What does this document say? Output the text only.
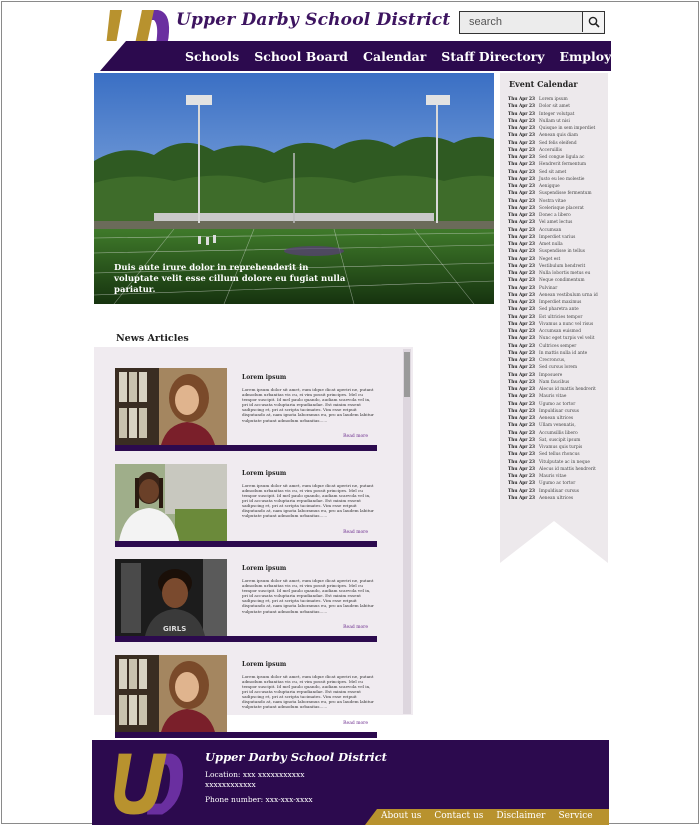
Upper Darby School District
search
Schools School Board Calendar Staff Directory Employment
Duis aute irure dolor in reprehenderit in voluptate velit esse cillum dolore eu fugiat nulla pariatur.
Event Calendar
Thu Apr 23 Lorem ipsum
Thu Apr 23 Dolor sit amet
Thu Apr 23 Integer volutpat
Thu Apr 23 Nullam ut nisi
Thu Apr 23 Quisque in sem imperdiet
Thu Apr 23 Aenean quis diam
Thu Apr 23 Sed felis eleifend
Thu Apr 23 Acceruillis
Thu Apr 23 Sed congue ligula ac
Thu Apr 23 Hendrerit fermentum
Thu Apr 23 Sed sit amet
Thu Apr 23 Justo eu leo molestie
Thu Apr 23 Aenigque
Thu Apr 23 Suspendisse fermentum
Thu Apr 23 Nostra vitae
Thu Apr 23 Scelerisque placerat
Thu Apr 23 Donec a libero
Thu Apr 23 Vel amet lectus
Thu Apr 23 Accumsan
Thu Apr 23 Imperdiet varius
Thu Apr 23 Amet nulla
Thu Apr 23 Suspendisse in tellus
Thu Apr 23 Neget est
Thu Apr 23 Vestibulum hendrerit
Thu Apr 23 Nulla lobortis metus eu
Thu Apr 23 Neque condimentum
Thu Apr 23 Pulvinar
Thu Apr 23 Aenean vestibulum urna id
Thu Apr 23 Imperdiet maximus
Thu Apr 23 Sed pharetra ante
Thu Apr 23 Est ultricies tempor
Thu Apr 23 Vivamus a nunc vel risus
Thu Apr 23 Accumsan euismod
Thu Apr 23 Nunc eget turpis vel velit
Thu Apr 23 Cultrices semper
Thu Apr 23 In mattis nulla id ante
Thu Apr 23 Crecroncus,
Thu Apr 23 Sed cursus lorem
Thu Apr 23 Imposuere
Thu Apr 23 Nam faucibus
Thu Apr 23 Alecus id mattis hendrerit
Thu Apr 23 Mauris vitae
Thu Apr 23 Ugumo ac tortor
Thu Apr 23 Impuldiuar cursus
Thu Apr 23 Aenean ultrices
Thu Apr 23 Ullam venenatis,
Thu Apr 23 Accumsillis libero
Thu Apr 23 Sat, suscipit ipsum
Thu Apr 23 Vivamus quis turpis
Thu Apr 23 Sed tellus rhoncus
Thu Apr 23 Vitulputate ac in neque
Thu Apr 23 Alecus id mattis hendrerit
Thu Apr 23 Mauris vitae
Thu Apr 23 Ugumo ac tortor
Thu Apr 23 Impuldiuar cursus
Thu Apr 23 Aenean ultrices
News Articles
Lorem ipsum
Lorem ipsum dolor sit amet, eum idque dicat aperiri ne, putant admodum urbanitas vis cu, ei vim possit principes. Mel cu tempor suscipit. Id mel paulo quando, audiam scaevola vel in, pri id accusata voluptaria repudiandae. Est minim essent sadipscing et, pri at scripta tacimates. Vim esse eripuit disputando at, nam ignota laboramus eu, pro an laudem labitur vulputate putant admodum urbanitas......
Read more
Lorem ipsum
Lorem ipsum dolor sit amet, eum idque dicat aperiri ne, putant admodum urbanitas vis cu, ei vim possit principes. Mel cu tempor suscipit. Id mel paulo quando, audiam scaevola vel in, pri id accusata voluptaria repudiandae. Est minim essent sadipscing et, pri at scripta tacimates. Vim esse eripuit disputando at, nam ignota laboramus eu, pro an laudem labitur vulputate putant admodum urbanitas......
Read more
GIRLS
Lorem ipsum
Lorem ipsum dolor sit amet, eum idque dicat aperiri ne, putant admodum urbanitas vis cu, ei vim possit principes. Mel cu tempor suscipit. Id mel paulo quando, audiam scaevola vel in, pri id accusata voluptaria repudiandae. Est minim essent sadipscing et, pri at scripta tacimates. Vim esse eripuit disputando at, nam ignota laboramus eu, pro an laudem labitur vulputate putant admodum urbanitas......
Read more
Lorem ipsum
Lorem ipsum dolor sit amet, eum idque dicat aperiri ne, putant admodum urbanitas vis cu, ei vim possit principes. Mel cu tempor suscipit. Id mel paulo quando, audiam scaevola vel in, pri id accusata voluptaria repudiandae. Est minim essent sadipscing et, pri at scripta tacimates. Vim esse eripuit disputando at, nam ignota laboramus eu, pro an laudem labitur vulputate putant admodum urbanitas......
Read more
Upper Darby School District
Location: xxx xxxxxxxxxxx xxxxxxxxxxxx
Phone number: xxx-xxx-xxxx
About us Contact us Disclaimer Service
